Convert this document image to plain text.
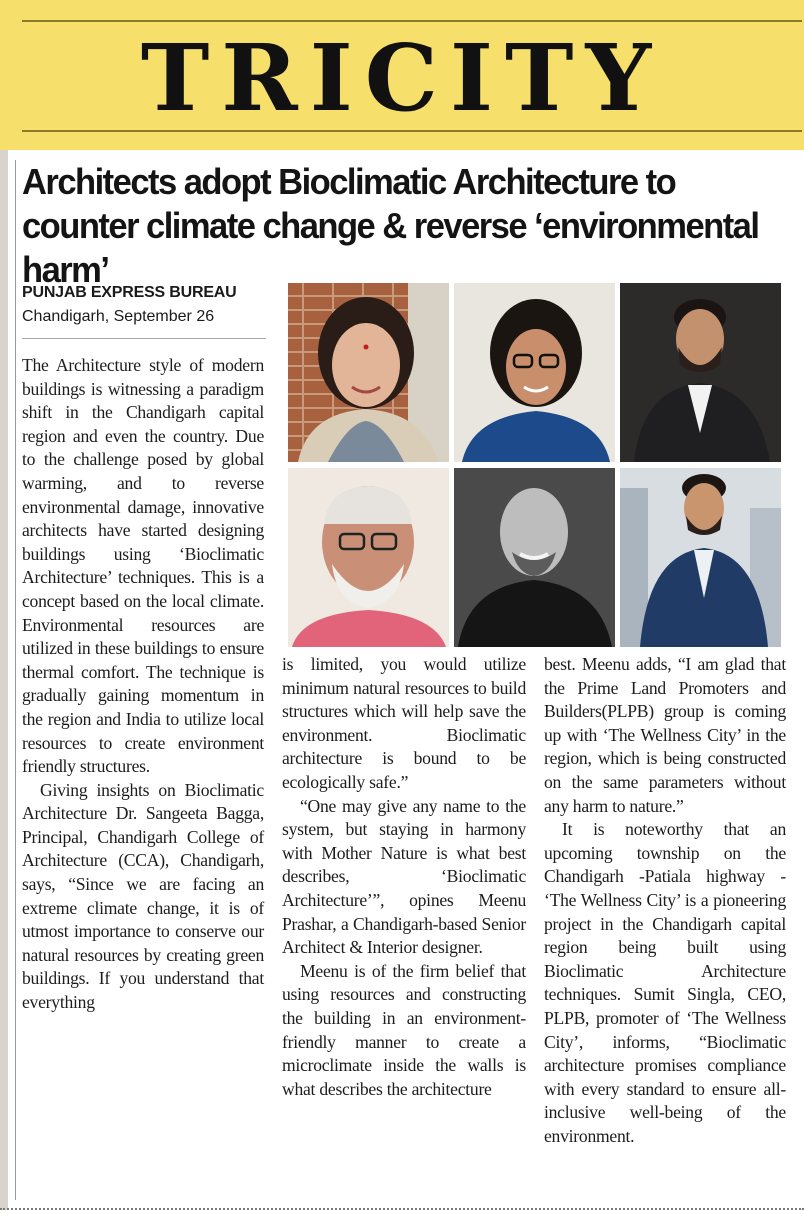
TRICITY
Architects adopt Bioclimatic Architecture to counter climate change & reverse ‘environmental harm’
PUNJAB EXPRESS BUREAU
Chandigarh, September 26

The Architecture style of modern buildings is witnessing a paradigm shift in the Chandigarh capital region and even the country. Due to the challenge posed by global warming, and to reverse environmental damage, innovative architects have started designing buildings using ‘Bioclimatic Architecture’ techniques. This is a concept based on the local climate. Environmental resources are utilized in these buildings to ensure thermal comfort. The technique is gradually gaining momentum in the region and India to utilize local resources to create environment friendly structures.

Giving insights on Bioclimatic Architecture Dr. Sangeeta Bagga, Principal, Chandigarh College of Architecture (CCA), Chandigarh, says, “Since we are facing an extreme climate change, it is of utmost importance to conserve our natural resources by creating green buildings. If you understand that everything

is limited, you would utilize minimum natural resources to build structures which will help save the environment. Bioclimatic architecture is bound to be ecologically safe.”

“One may give any name to the system, but staying in harmony with Mother Nature is what best describes, ‘Bioclimatic Architecture’”, opines Meenu Prashar, a Chandigarh-based Senior Architect & Interior designer.

Meenu is of the firm belief that using resources and constructing the building in an environment-friendly manner to create a microclimate inside the walls is what describes the architecture

best. Meenu adds, “I am glad that the Prime Land Promoters and Builders(PLPB) group is coming up with ‘The Wellness City’ in the region, which is being constructed on the same parameters without any harm to nature.”

It is noteworthy that an upcoming township on the Chandigarh -Patiala highway - ‘The Wellness City’ is a pioneering project in the Chandigarh capital region being built using Bioclimatic Architecture techniques. Sumit Singla, CEO, PLPB, promoter of ‘The Wellness City’, informs, “Bioclimatic architecture promises compliance with every standard to ensure all-inclusive well-being of the environment.
